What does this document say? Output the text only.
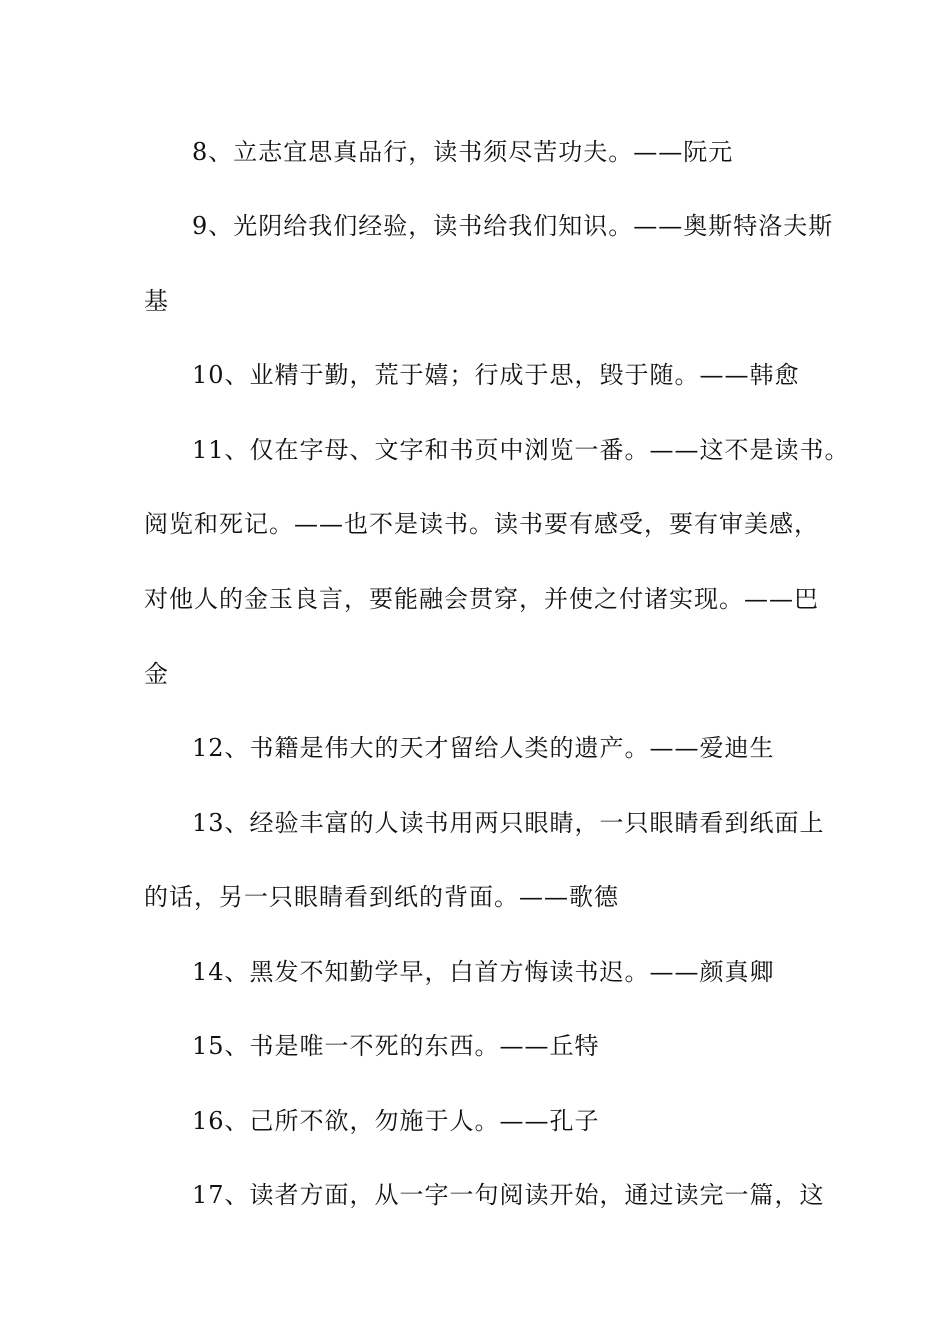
8、立志宜思真品行，读书须尽苦功夫。——阮元
9、光阴给我们经验，读书给我们知识。——奥斯特洛夫斯
基
10、业精于勤，荒于嬉；行成于思，毁于随。——韩愈
11、仅在字母、文字和书页中浏览一番。——这不是读书。
阅览和死记。——也不是读书。读书要有感受，要有审美感，
对他人的金玉良言，要能融会贯穿，并使之付诸实现。——巴
金
12、书籍是伟大的天才留给人类的遗产。——爱迪生
13、经验丰富的人读书用两只眼睛，一只眼睛看到纸面上
的话，另一只眼睛看到纸的背面。——歌德
14、黑发不知勤学早，白首方悔读书迟。——颜真卿
15、书是唯一不死的东西。——丘特
16、己所不欲，勿施于人。——孔子
17、读者方面，从一字一句阅读开始，通过读完一篇，这
